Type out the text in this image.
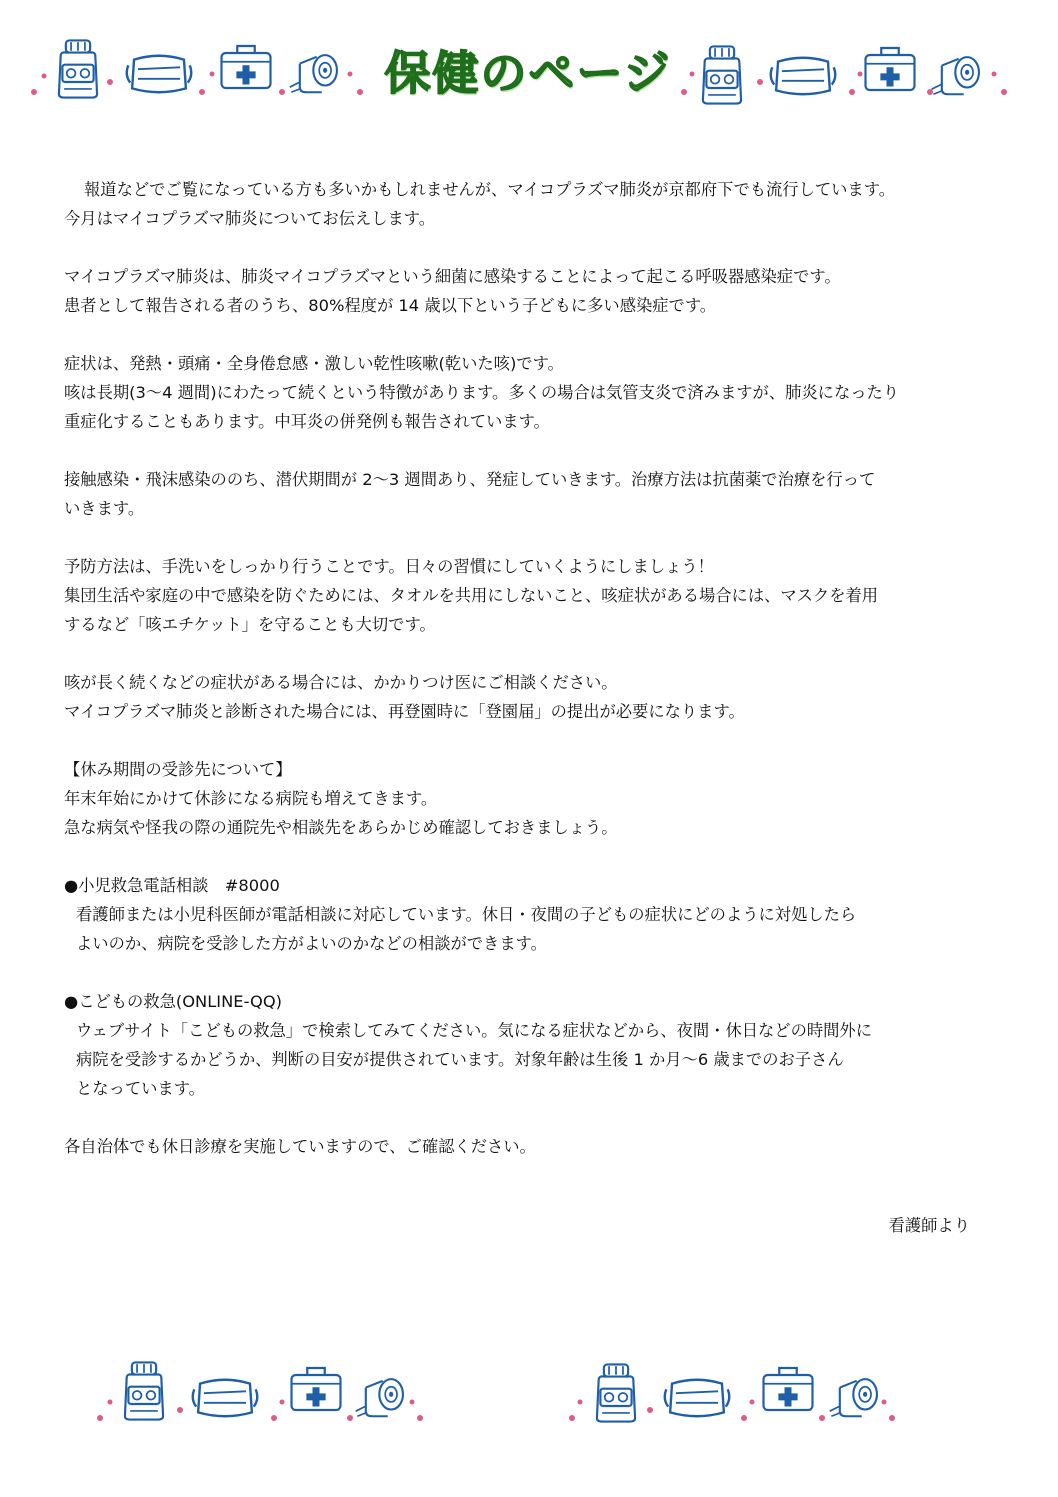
保健のページ

報道などでご覧になっている方も多いかもしれませんが、マイコプラズマ肺炎が京都府下でも流行しています。

今月はマイコプラズマ肺炎についてお伝えします。

マイコプラズマ肺炎は、肺炎マイコプラズマという細菌に感染することによって起こる呼吸器感染症です。

患者として報告される者のうち、80%程度が 14 歳以下という子どもに多い感染症です。

症状は、発熱・頭痛・全身倦怠感・激しい乾性咳嗽(乾いた咳)です。

咳は長期(3～4 週間)にわたって続くという特徴があります。多くの場合は気管支炎で済みますが、肺炎になったり

重症化することもあります。中耳炎の併発例も報告されています。

接触感染・飛沫感染ののち、潜伏期間が 2～3 週間あり、発症していきます。治療方法は抗菌薬で治療を行って

いきます。

予防方法は、手洗いをしっかり行うことです。日々の習慣にしていくようにしましょう！

集団生活や家庭の中で感染を防ぐためには、タオルを共用にしないこと、咳症状がある場合には、マスクを着用

するなど「咳エチケット」を守ることも大切です。

咳が長く続くなどの症状がある場合には、かかりつけ医にご相談ください。

マイコプラズマ肺炎と診断された場合には、再登園時に「登園届」の提出が必要になります。

【休み期間の受診先について】

年末年始にかけて休診になる病院も増えてきます。

急な病気や怪我の際の通院先や相談先をあらかじめ確認しておきましょう。

●小児救急電話相談　#8000

看護師または小児科医師が電話相談に対応しています。休日・夜間の子どもの症状にどのように対処したら

よいのか、病院を受診した方がよいのかなどの相談ができます。

●こどもの救急(ONLINE-QQ)

ウェブサイト「こどもの救急」で検索してみてください。気になる症状などから、夜間・休日などの時間外に

病院を受診するかどうか、判断の目安が提供されています。対象年齢は生後 1 か月～6 歳までのお子さん

となっています。

各自治体でも休日診療を実施していますので、ご確認ください。

看護師より
